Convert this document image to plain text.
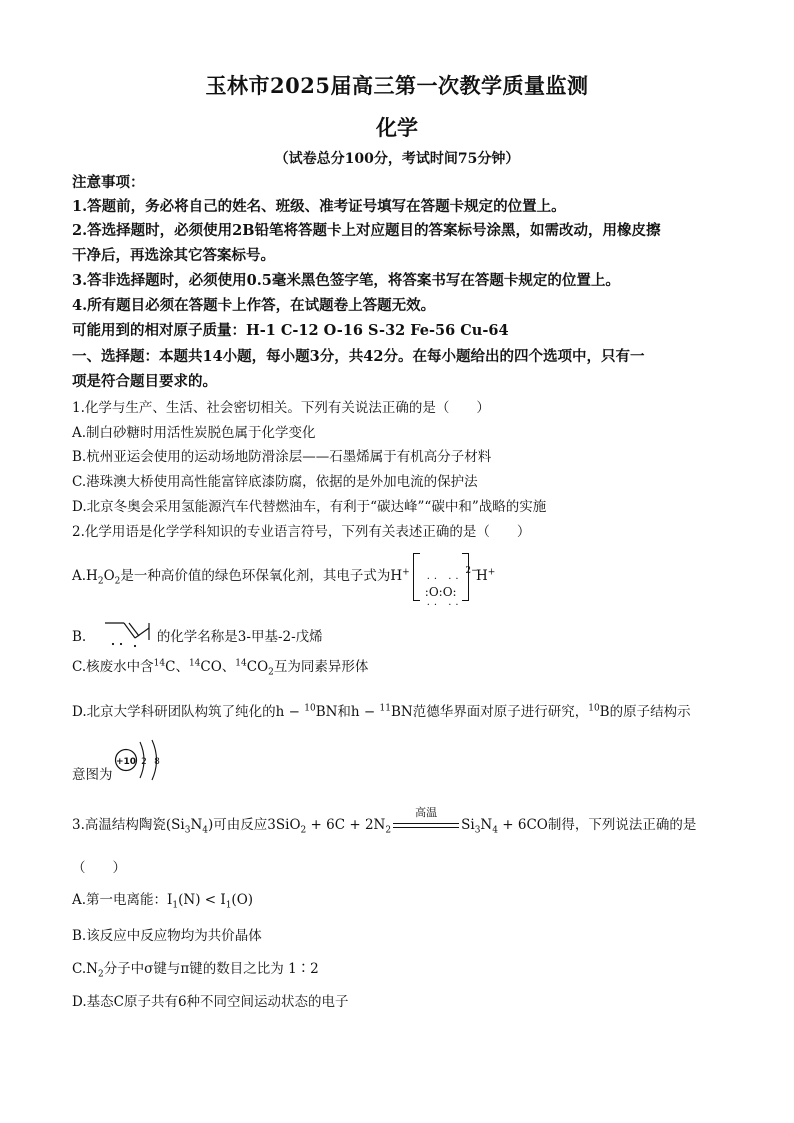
玉林市2025届高三第一次教学质量监测
化学
（试卷总分100分，考试时间75分钟）
注意事项：
1.答题前，务必将自己的姓名、班级、准考证号填写在答题卡规定的位置上。
2.答选择题时，必须使用2B铅笔将答题卡上对应题目的答案标号涂黑，如需改动，用橡皮擦
干净后，再选涂其它答案标号。
3.答非选择题时，必须使用0.5毫米黑色签字笔，将答案书写在答题卡规定的位置上。
4.所有题目必须在答题卡上作答，在试题卷上答题无效。
可能用到的相对原子质量：H-1 C-12 O-16 S-32 Fe-56 Cu-64
一、选择题：本题共14小题，每小题3分，共42分。在每小题给出的四个选项中，只有一
项是符合题目要求的。
1.化学与生产、生活、社会密切相关。下列有关说法正确的是（　　）
A.制白砂糖时用活性炭脱色属于化学变化
B.杭州亚运会使用的运动场地防滑涂层——石墨烯属于有机高分子材料
C.港珠澳大桥使用高性能富锌底漆防腐，依据的是外加电流的保护法
D.北京冬奥会采用氢能源汽车代替燃油车，有利于“碳达峰”“碳中和”战略的实施
2.化学用语是化学学科知识的专业语言符号，下列有关表述正确的是（　　）
$A.H_2O_2$是一种高价值的绿色环保氧化剂，其电子式为H+
·· ··
:O:O:
·· ··
2−
H+
B.	的化学名称是3-甲基-2-戊烯
C.核废水中含$^{14}$C、$^{14}$CO、$^{14}CO_2$互为同素异形体
D.北京大学科研团队构筑了纯化的h − $^{10}$BN和h − $^{11}$BN范德华界面对原子进行研究，$^{10}$B的原子结构示
意图为
+10 2 8
3.高温结构陶瓷$(Si_3N_4)$可由反应$3SiO_2 + 6C + 2N_2$
高温
$Si_3N_4 + 6CO$制得，下列说法正确的是
（　　）
A.第一电离能：$I_1(N) < I_1(O)$
B.该反应中反应物均为共价晶体
$C.N_2$分子中σ键与π键的数目之比为 1∶2
D.基态C原子共有6种不同空间运动状态的电子
